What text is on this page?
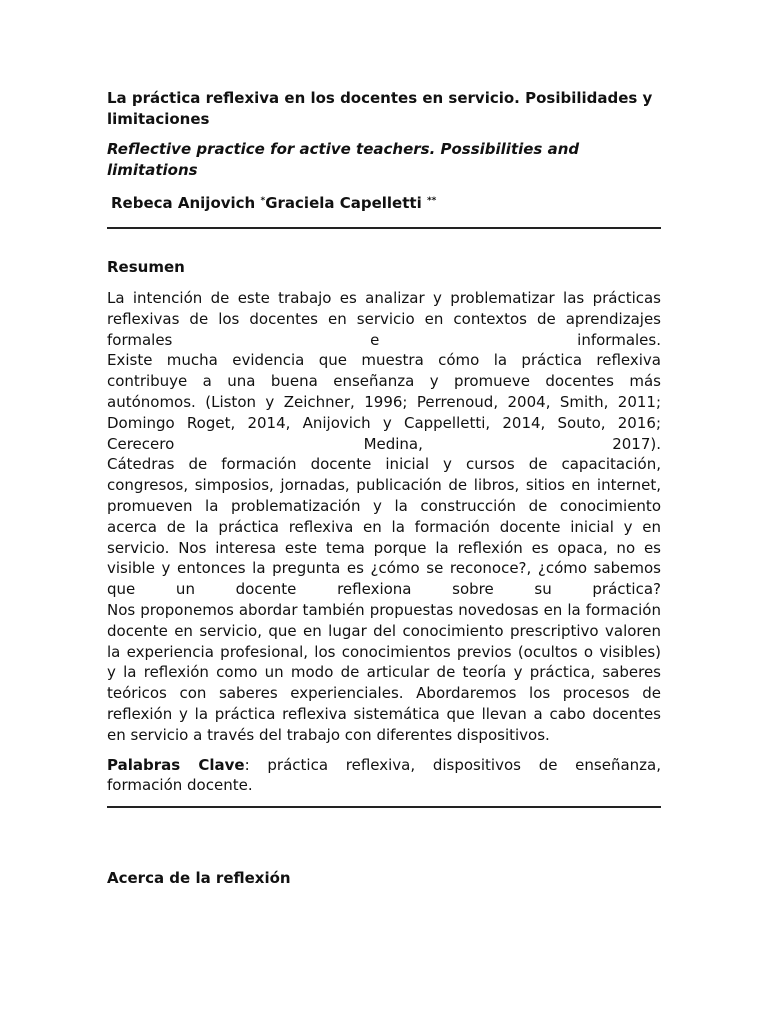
La práctica reflexiva en los docentes en servicio. Posibilidades y limitaciones
Reflective practice for active teachers. Possibilities and limitations
Rebeca Anijovich *Graciela Capelletti **
Resumen
La intención de este trabajo es analizar y problematizar las prácticas reflexivas de los docentes en servicio en contextos de aprendizajes formales e informales.
Existe mucha evidencia que muestra cómo la práctica reflexiva contribuye a una buena enseñanza y promueve docentes más autónomos. (Liston y Zeichner, 1996; Perrenoud, 2004, Smith, 2011; Domingo Roget, 2014, Anijovich y Cappelletti, 2014, Souto, 2016; Cerecero Medina, 2017).
Cátedras de formación docente inicial y cursos de capacitación, congresos, simposios, jornadas, publicación de libros, sitios en internet, promueven la problematización y la construcción de conocimiento acerca de la práctica reflexiva en la formación docente inicial y en servicio. Nos interesa este tema porque la reflexión es opaca, no es visible y entonces la pregunta es ¿cómo se reconoce?, ¿cómo sabemos que un docente reflexiona sobre su práctica?
Nos proponemos abordar también propuestas novedosas en la formación docente en servicio, que en lugar del conocimiento prescriptivo valoren la experiencia profesional, los conocimientos previos (ocultos o visibles) y la reflexión como un modo de articular de teoría y práctica, saberes teóricos con saberes experienciales. Abordaremos los procesos de reflexión y la práctica reflexiva sistemática que llevan a cabo docentes en servicio a través del trabajo con diferentes dispositivos.
Palabras Clave: práctica reflexiva, dispositivos de enseñanza, formación docente.
Acerca de la reflexión
